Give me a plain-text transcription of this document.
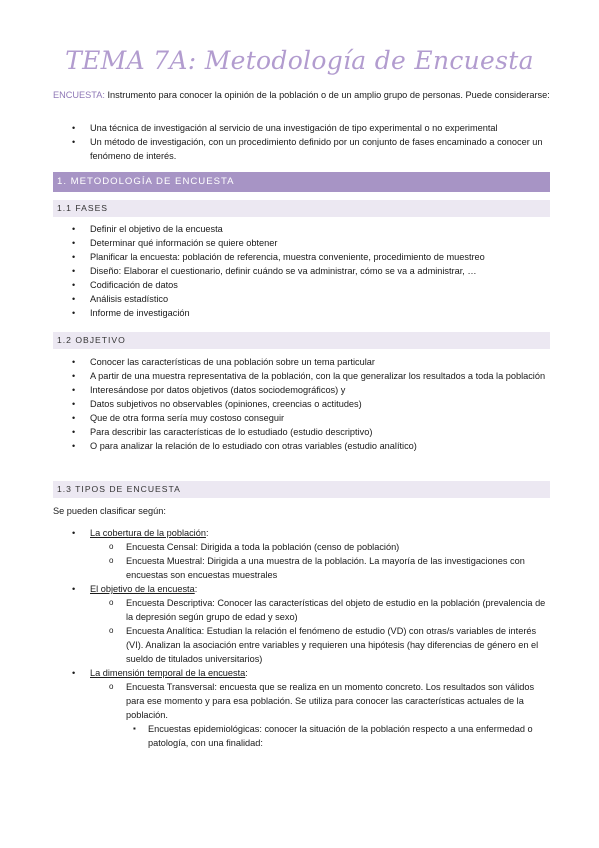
TEMA 7A: Metodología de Encuesta
ENCUESTA: Instrumento para conocer la opinión de la población o de un amplio grupo de personas. Puede considerarse:
• Una técnica de investigación al servicio de una investigación de tipo experimental o no experimental
• Un método de investigación, con un procedimiento definido por un conjunto de fases encaminado a conocer un fenómeno de interés.
1. METODOLOGÍA DE ENCUESTA
1.1 FASES
• Definir el objetivo de la encuesta
• Determinar qué información se quiere obtener
• Planificar la encuesta: población de referencia, muestra conveniente, procedimiento de muestreo
• Diseño: Elaborar el cuestionario, definir cuándo se va administrar, cómo se va a administrar, …
• Codificación de datos
• Análisis estadístico
• Informe de investigación
1.2 OBJETIVO
• Conocer las características de una población sobre un tema particular
• A partir de una muestra representativa de la población, con la que generalizar los resultados a toda la población
• Interesándose por datos objetivos (datos sociodemográficos) y
• Datos subjetivos no observables (opiniones, creencias o actitudes)
• Que de otra forma sería muy costoso conseguir
• Para describir las características de lo estudiado (estudio descriptivo)
• O para analizar la relación de lo estudiado con otras variables (estudio analítico)
1.3 TIPOS DE ENCUESTA
Se pueden clasificar según:
• La cobertura de la población:
o Encuesta Censal: Dirigida a toda la población (censo de población)
o Encuesta Muestral: Dirigida a una muestra de la población. La mayoría de las investigaciones con encuestas son encuestas muestrales
• El objetivo de la encuesta:
o Encuesta Descriptiva: Conocer las características del objeto de estudio en la población (prevalencia de la depresión según grupo de edad y sexo)
o Encuesta Analítica: Estudian la relación el fenómeno de estudio (VD) con otras/s variables de interés (VI). Analizan la asociación entre variables y requieren una hipótesis (hay diferencias de género en el sueldo de titulados universitarios)
• La dimensión temporal de la encuesta:
o Encuesta Transversal: encuesta que se realiza en un momento concreto. Los resultados son válidos para ese momento y para esa población. Se utiliza para conocer las características actuales de la población.
▪ Encuestas epidemiológicas: conocer la situación de la población respecto a una enfermedad o patología, con una finalidad:
